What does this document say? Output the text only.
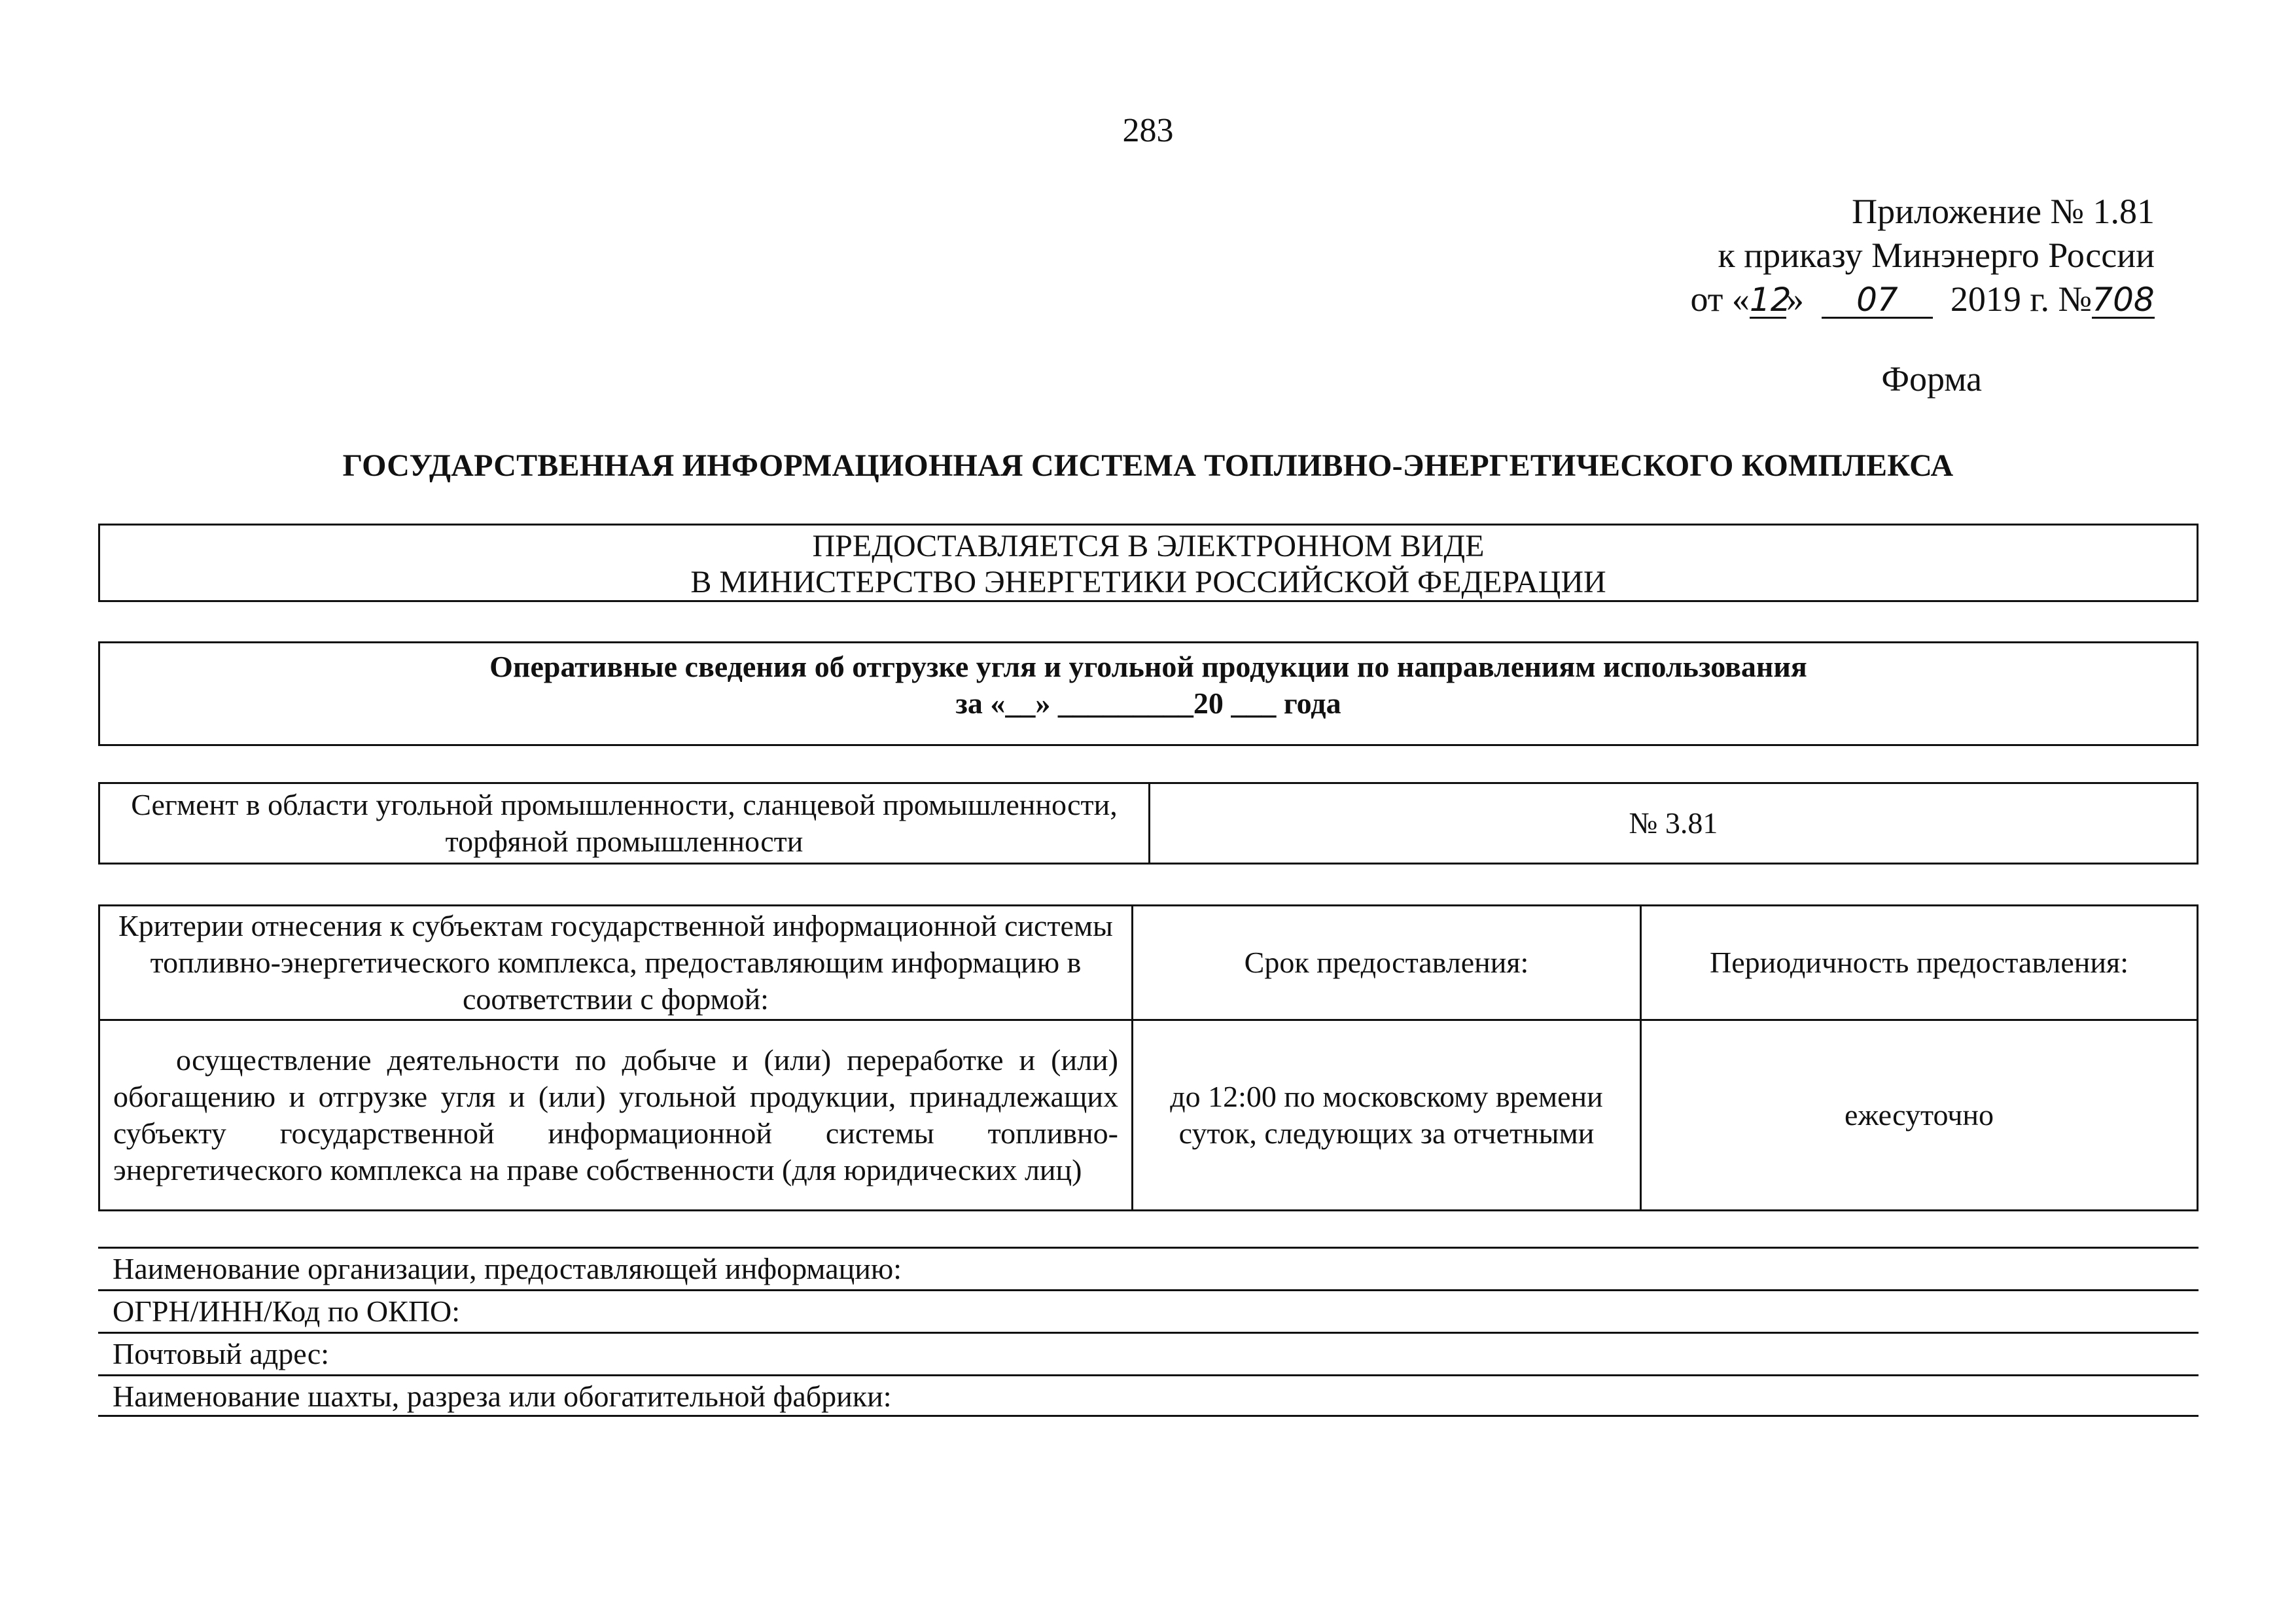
283
Приложение № 1.81
к приказу Минэнерго России
от «12» 07 2019 г. №708
Форма
ГОСУДАРСТВЕННАЯ ИНФОРМАЦИОННАЯ СИСТЕМА ТОПЛИВНО-ЭНЕРГЕТИЧЕСКОГО КОМПЛЕКСА
ПРЕДОСТАВЛЯЕТСЯ В ЭЛЕКТРОННОМ ВИДЕ
В МИНИСТЕРСТВО ЭНЕРГЕТИКИ РОССИЙСКОЙ ФЕДЕРАЦИИ
Оперативные сведения об отгрузке угля и угольной продукции по направлениям использования
за «__» _________20 ___ года
Сегмент в области угольной промышленности, сланцевой промышленности, торфяной промышленности	№ 3.81
Критерии отнесения к субъектам государственной информационной системы топливно-энергетического комплекса, предоставляющим информацию в соответствии с формой:	Срок предоставления:	Периодичность предоставления:
осуществление деятельности по добыче и (или) переработке и (или) обогащению и отгрузке угля и (или) угольной продукции, принадлежащих субъекту государственной информационной системы топливно-энергетического комплекса на праве собственности (для юридических лиц)	до 12:00 по московскому времени суток, следующих за отчетными	ежесуточно
Наименование организации, предоставляющей информацию:
ОГРН/ИНН/Код по ОКПО:
Почтовый адрес:
Наименование шахты, разреза или обогатительной фабрики:
